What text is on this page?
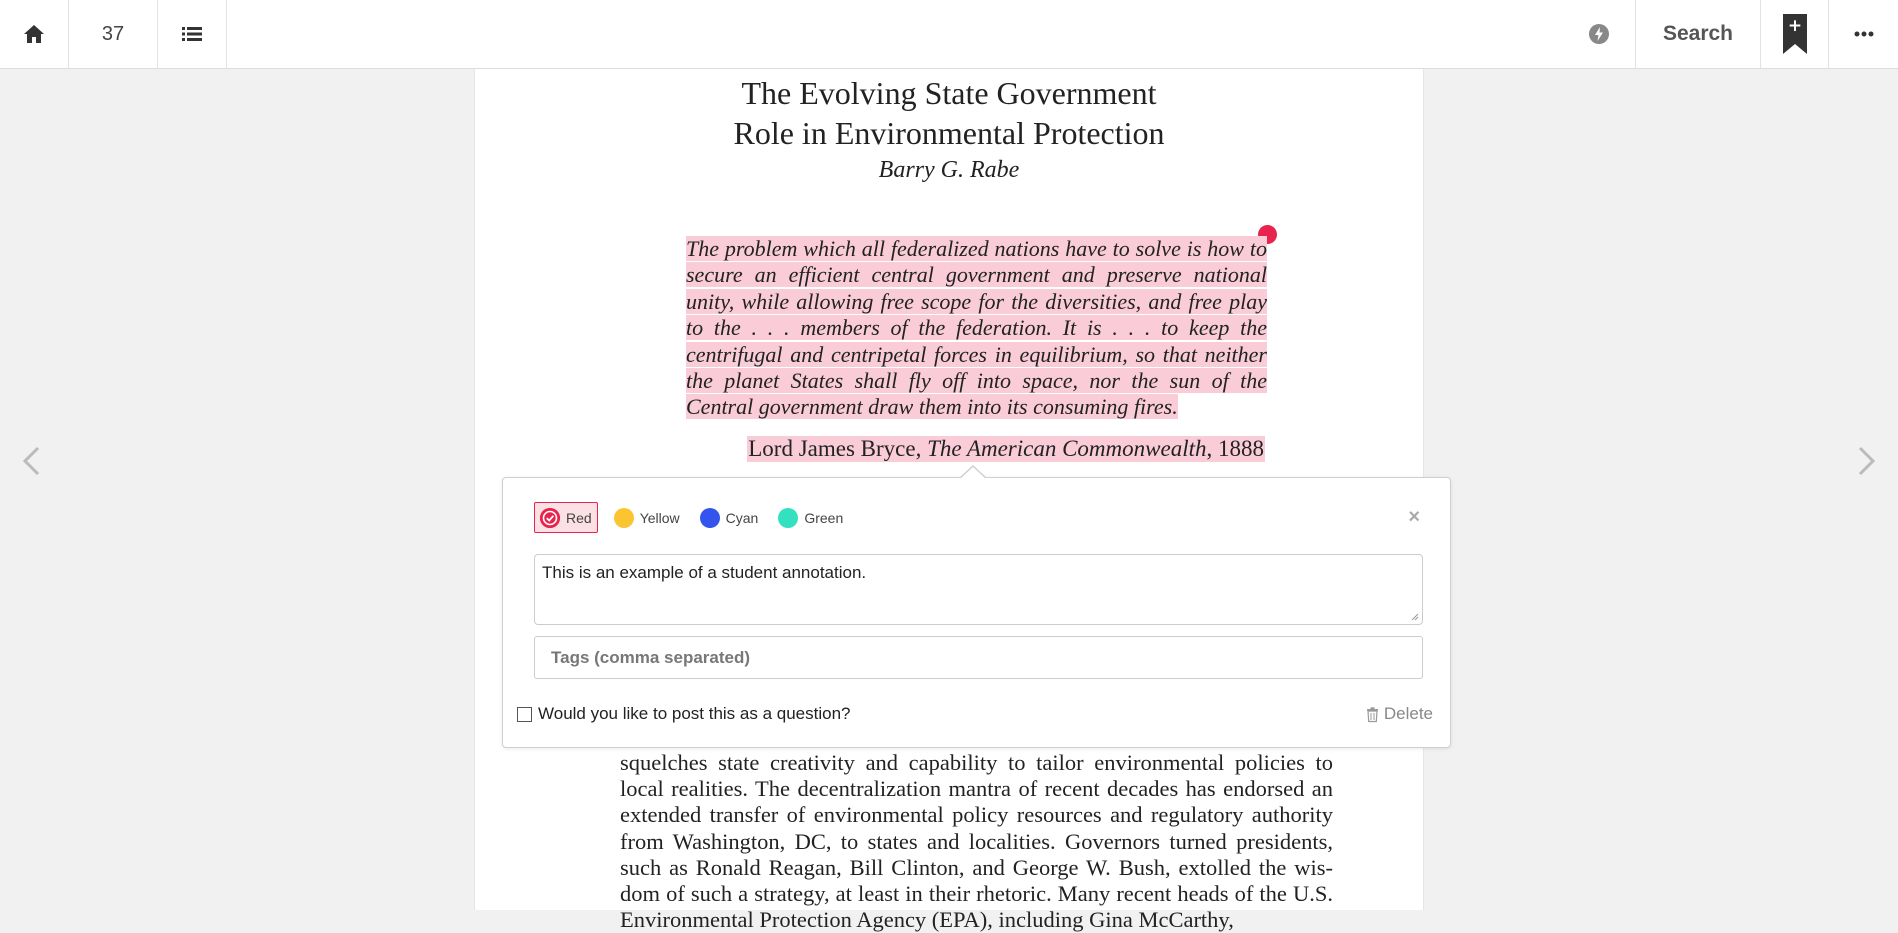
37	Search	+
The Evolving State Government
Role in Environmental Protection
Barry G. Rabe
The problem which all federalized nations have to solve is how to secure an efficient central government and preserve national unity, while allowing free scope for the diversities, and free play to the . . . members of the federation. It is . . . to keep the centrifugal and centripetal forces in equilibrium, so that neither the planet States shall fly off into space, nor the sun of the Central government draw them into its consuming fires.
Lord James Bryce, The American Commonwealth, 1888
squelches state creativity and capability to tailor environmental policies to local realities. The decentralization mantra of recent decades has endorsed an extended transfer of environmental policy resources and regulatory authority from Washington, DC, to states and localities. Governors turned presidents, such as Ronald Reagan, Bill Clinton, and George W. Bush, extolled the wis-dom of such a strategy, at least in their rhetoric. Many recent heads of the U.S. Environmental Protection Agency (EPA), including Gina McCarthy,
Red	Yellow	Cyan	Green	×
This is an example of a student annotation.
Tags (comma separated)
Would you like to post this as a question?	Delete
